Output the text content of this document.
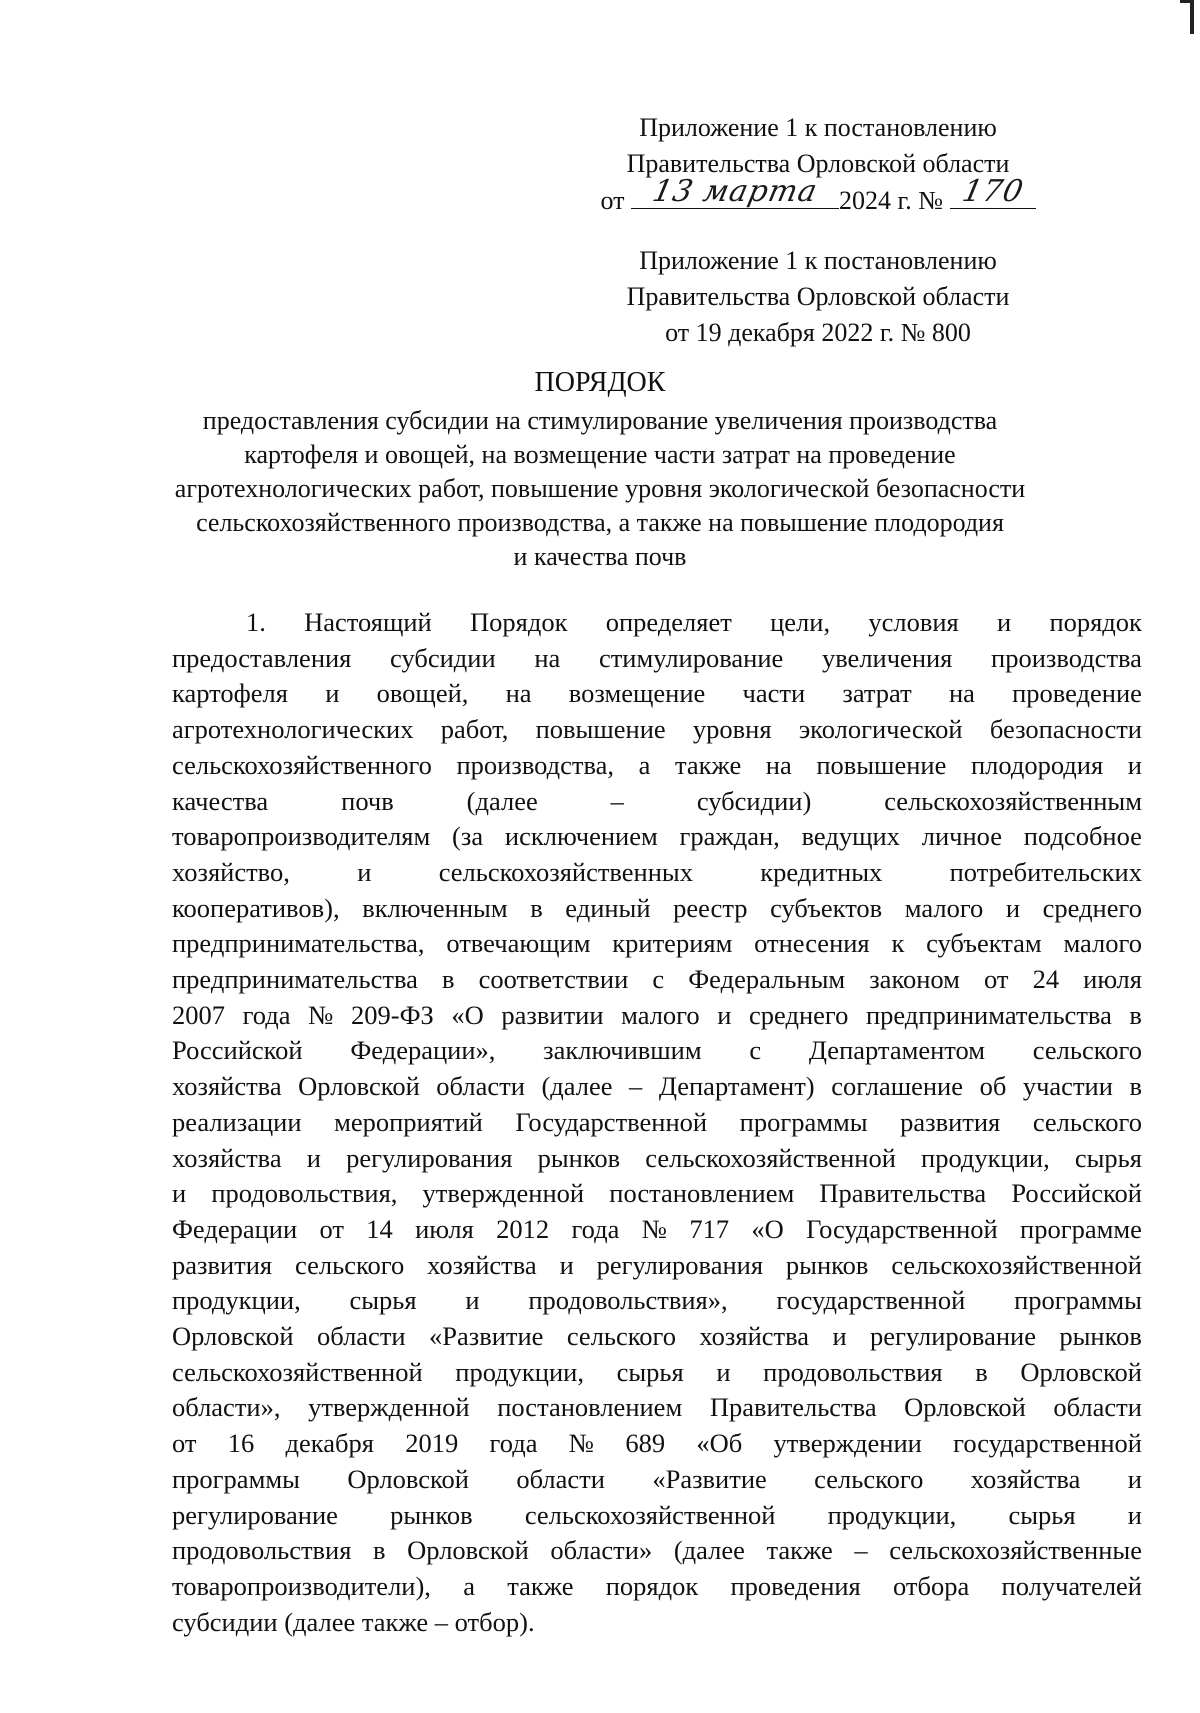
Приложение 1 к постановлению
Правительства Орловской области
от 13 марта 2024 г. № 170
Приложение 1 к постановлению
Правительства Орловской области
от 19 декабря 2022 г. № 800
ПОРЯДОК
предоставления субсидии на стимулирование увеличения производства
картофеля и овощей, на возмещение части затрат на проведение
агротехнологических работ, повышение уровня экологической безопасности
сельскохозяйственного производства, а также на повышение плодородия
и качества почв
1. Настоящий Порядок определяет цели, условия и порядок
предоставления субсидии на стимулирование увеличения производства
картофеля и овощей, на возмещение части затрат на проведение
агротехнологических работ, повышение уровня экологической безопасности
сельскохозяйственного производства, а также на повышение плодородия и
качества	почв	(далее	–	субсидии)	сельскохозяйственным
товаропроизводителям (за исключением граждан, ведущих личное подсобное
хозяйство,	и	сельскохозяйственных	кредитных	потребительских
кооперативов), включенным в единый реестр субъектов малого и среднего
предпринимательства, отвечающим критериям отнесения к субъектам малого
предпринимательства в соответствии с Федеральным законом от 24 июля
2007 года № 209-ФЗ «О развитии малого и среднего предпринимательства в
Российской Федерации», заключившим с Департаментом сельского
хозяйства Орловской области (далее – Департамент) соглашение об участии в
реализации мероприятий Государственной программы развития сельского
хозяйства и регулирования рынков сельскохозяйственной продукции, сырья
и продовольствия, утвержденной постановлением Правительства Российской
Федерации от 14 июля 2012 года № 717 «О Государственной программе
развития сельского хозяйства и регулирования рынков сельскохозяйственной
продукции, сырья и продовольствия», государственной программы
Орловской области «Развитие сельского хозяйства и регулирование рынков
сельскохозяйственной продукции, сырья и продовольствия в Орловской
области», утвержденной постановлением Правительства Орловской области
от 16 декабря 2019 года № 689 «Об утверждении государственной
программы Орловской области «Развитие сельского хозяйства и
регулирование рынков сельскохозяйственной продукции, сырья и
продовольствия в Орловской области» (далее также – сельскохозяйственные
товаропроизводители), а также порядок проведения отбора получателей
субсидии (далее также – отбор).
